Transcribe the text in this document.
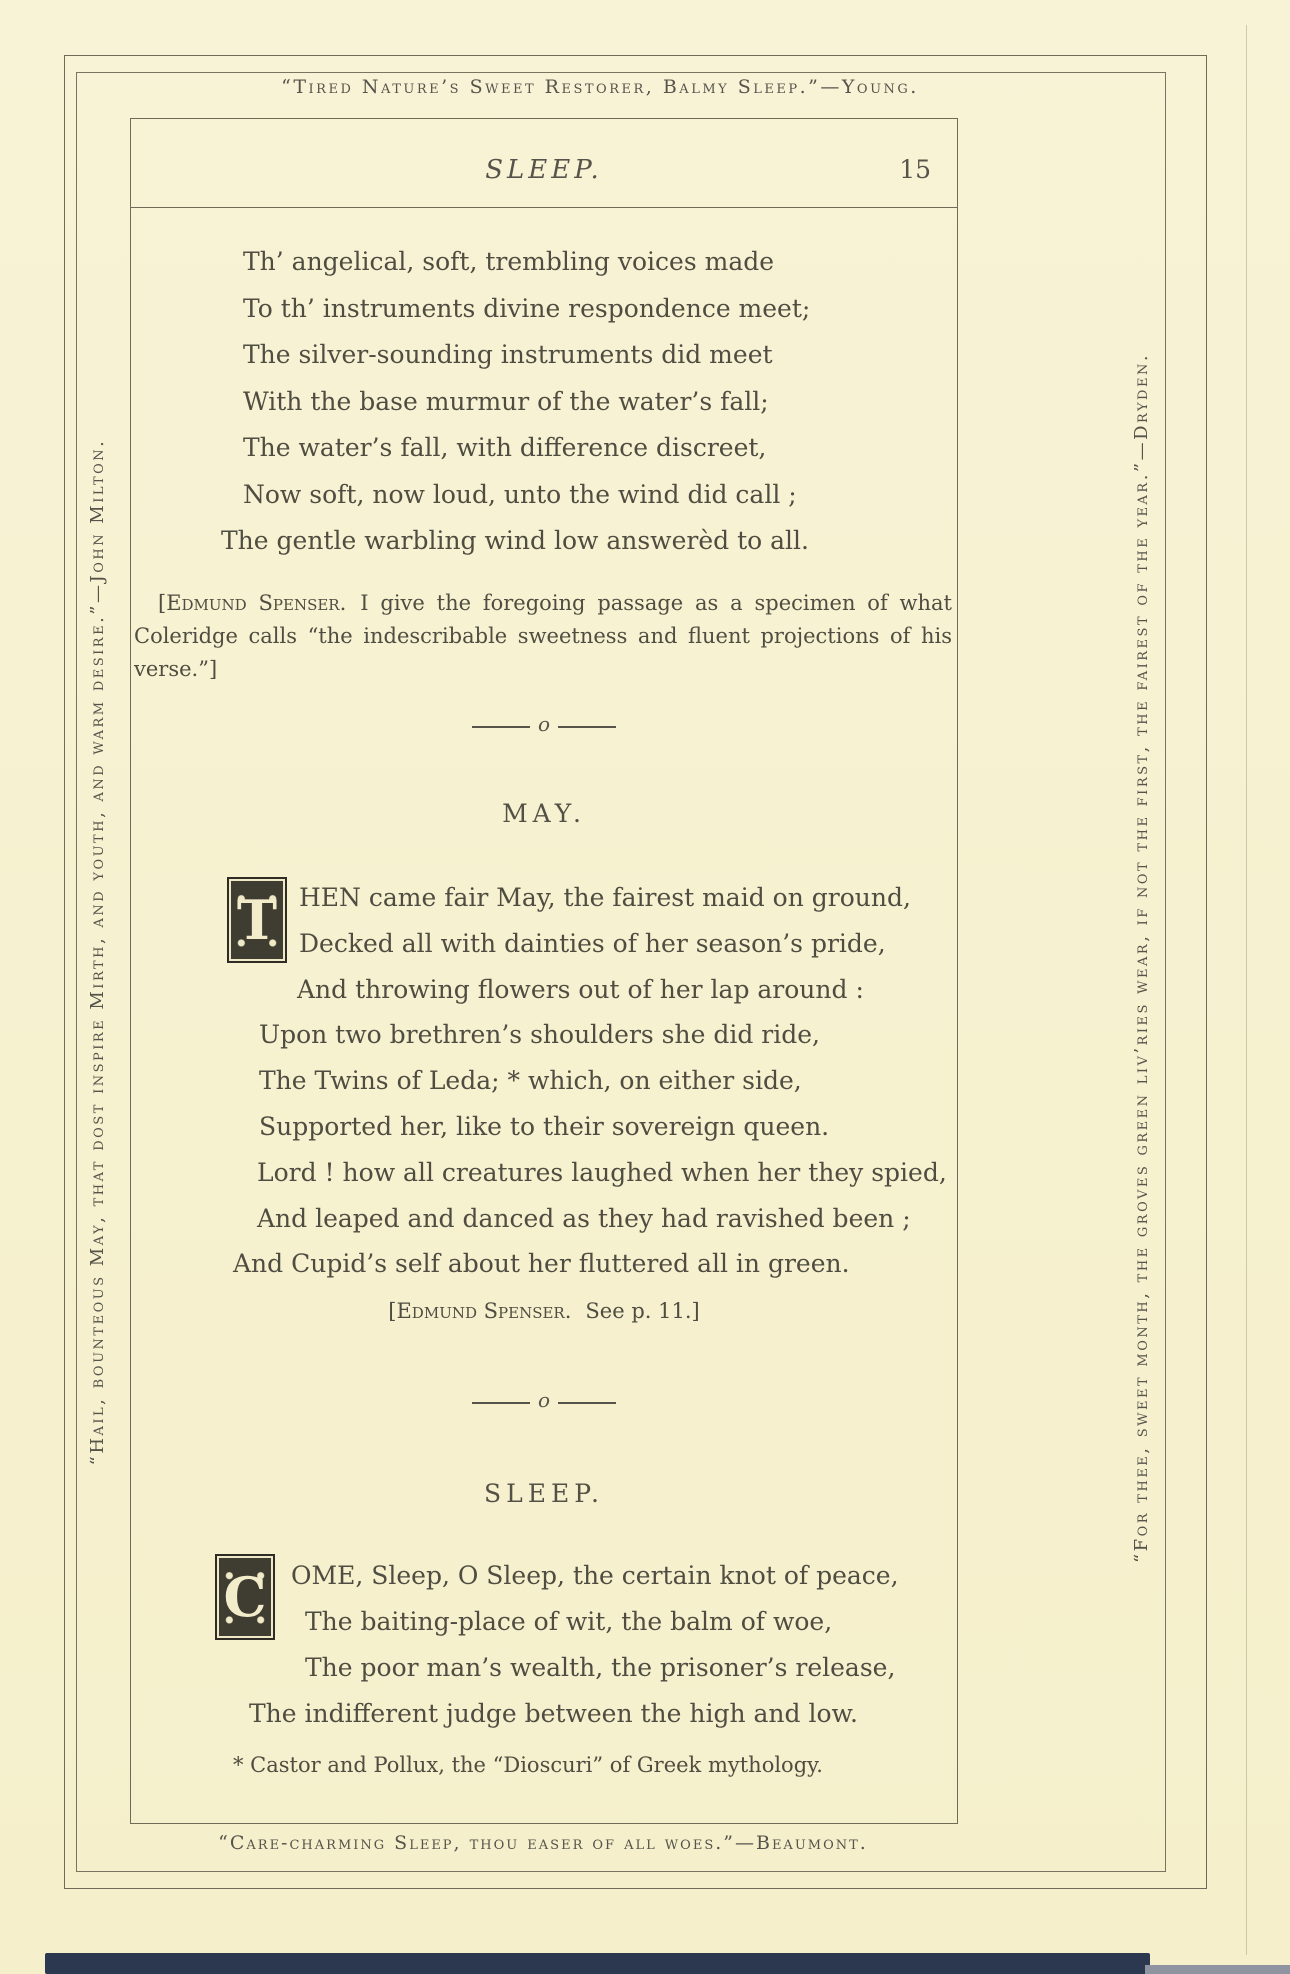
“Tired Nature’s Sweet Restorer, Balmy Sleep.”—Young.
“Hail, bounteous May, that dost inspire Mirth, and youth, and warm desire.”—John Milton.	“For thee, sweet month, the groves green liv’ries wear, if not the first, the fairest of the year.”—Dryden.
SLEEP.	15
Th’ angelical, soft, trembling voices made
To th’ instruments divine respondence meet;
The silver-sounding instruments did meet
With the base murmur of the water’s fall;
The water’s fall, with difference discreet,
Now soft, now loud, unto the wind did call ;
The gentle warbling wind low answerèd to all.
[Edmund Spenser. I give the foregoing passage as a specimen of what Coleridge calls “the indescribable sweetness and fluent projections of his verse.”]
o
MAY.
T HEN came fair May, the fairest maid on ground,
Decked all with dainties of her season’s pride,
And throwing flowers out of her lap around :
Upon two brethren’s shoulders she did ride,
The Twins of Leda; * which, on either side,
Supported her, like to their sovereign queen.
Lord ! how all creatures laughed when her they spied,
And leaped and danced as they had ravished been ;
And Cupid’s self about her fluttered all in green.
[Edmund Spenser. See p. 11.]
o
SLEEP.
C OME, Sleep, O Sleep, the certain knot of peace,
The baiting-place of wit, the balm of woe,
The poor man’s wealth, the prisoner’s release,
The indifferent judge between the high and low.
* Castor and Pollux, the “Dioscuri” of Greek mythology.
“Care-charming Sleep, thou easer of all woes.”—Beaumont.
